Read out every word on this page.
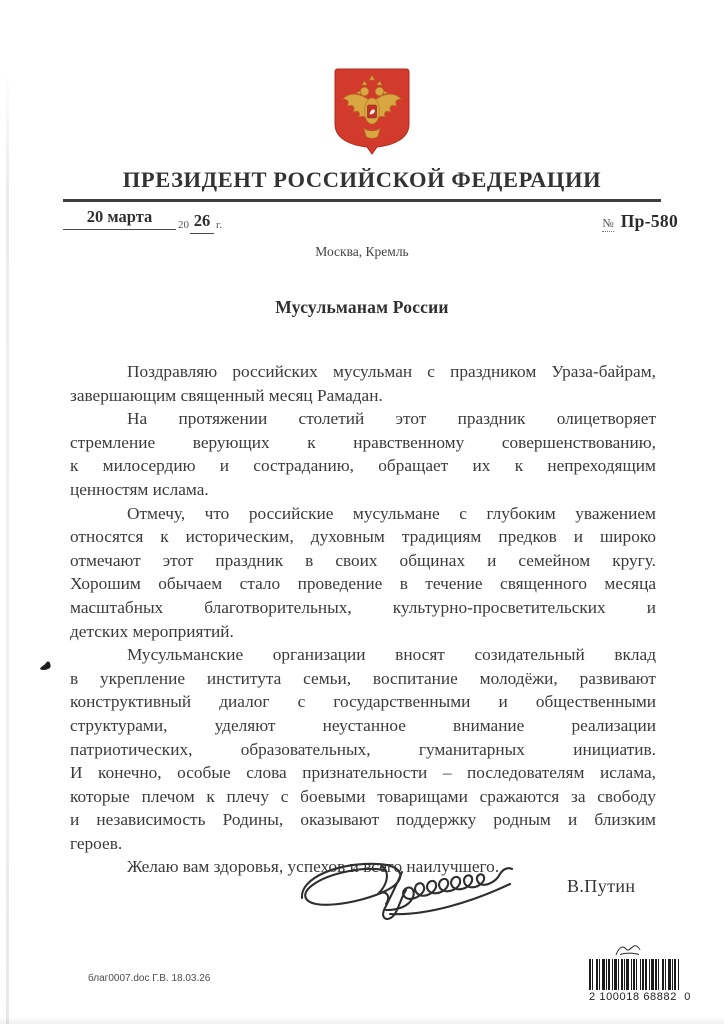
ПРЕЗИДЕНТ РОССИЙСКОЙ ФЕДЕРАЦИИ
20 марта	20 26 г.	№ Пр-580
Москва, Кремль
Мусульманам России
Поздравляю российских мусульман с праздником Ураза-байрам,
завершающим священный месяц Рамадан.
На протяжении столетий этот праздник олицетворяет
стремление верующих к нравственному совершенствованию,
к милосердию и состраданию, обращает их к непреходящим
ценностям ислама.
Отмечу, что российские мусульмане с глубоким уважением
относятся к историческим, духовным традициям предков и широко
отмечают этот праздник в своих общинах и семейном кругу.
Хорошим обычаем стало проведение в течение священного месяца
масштабных благотворительных, культурно-просветительских и
детских мероприятий.
Мусульманские организации вносят созидательный вклад
в укрепление института семьи, воспитание молодёжи, развивают
конструктивный диалог с государственными и общественными
структурами, уделяют неустанное внимание реализации
патриотических, образовательных, гуманитарных инициатив.
И конечно, особые слова признательности – последователям ислама,
которые плечом к плечу с боевыми товарищами сражаются за свободу
и независимость Родины, оказывают поддержку родным и близким
героев.
Желаю вам здоровья, успехов и всего наилучшего.
В.Путин
благ0007.doc Г.В. 18.03.26
2 100018 68882  0
